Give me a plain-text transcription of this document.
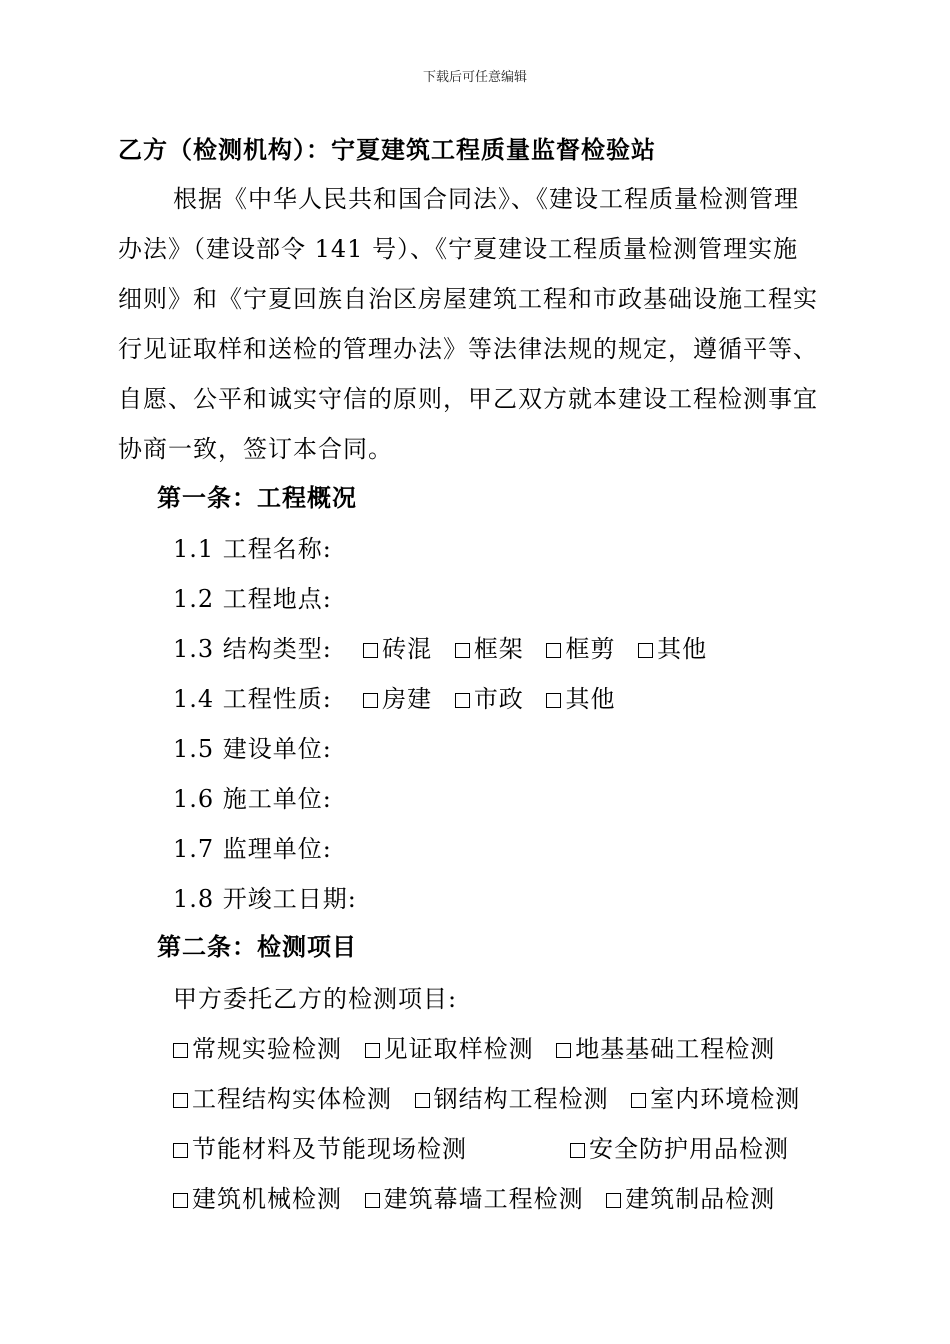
下载后可任意编辑
乙方（检测机构）：宁夏建筑工程质量监督检验站
根据《中华人民共和国合同法》、《建设工程质量检测管理
办法》（建设部令 141 号）、《宁夏建设工程质量检测管理实施
细则》和《宁夏回族自治区房屋建筑工程和市政基础设施工程实
行见证取样和送检的管理办法》等法律法规的规定，遵循平等、
自愿、公平和诚实守信的原则，甲乙双方就本建设工程检测事宜
协商一致，签订本合同。
第一条：工程概况
1.1 工程名称:
1.2 工程地点:
1.3 结构类型: 砖混 框架 框剪 其他
1.4 工程性质: 房建 市政 其他
1.5 建设单位:
1.6 施工单位:
1.7 监理单位:
1.8 开竣工日期:
第二条：检测项目
甲方委托乙方的检测项目:
常规实验检测 见证取样检测 地基基础工程检测
工程结构实体检测 钢结构工程检测 室内环境检测
节能材料及节能现场检测	安全防护用品检测
建筑机械检测 建筑幕墙工程检测 建筑制品检测
